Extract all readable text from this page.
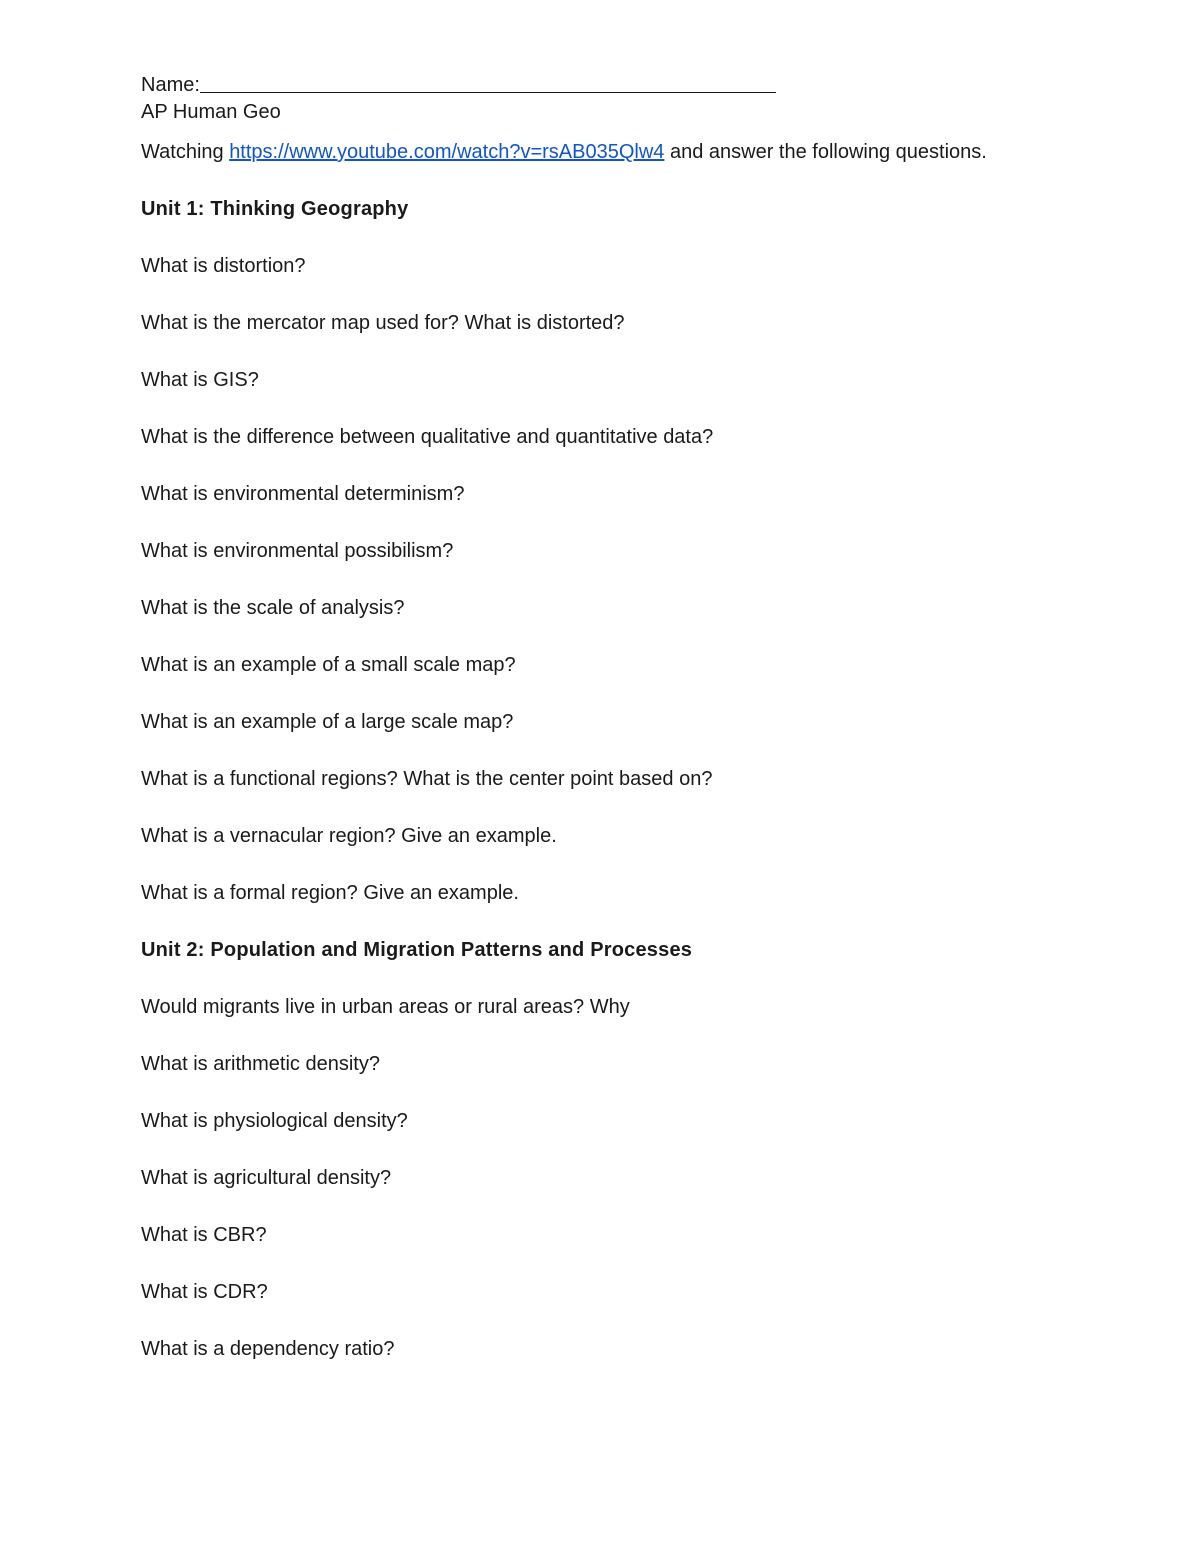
Name:
AP Human Geo
Watching https://www.youtube.com/watch?v=rsAB035Qlw4 and answer the following questions.
Unit 1: Thinking Geography
What is distortion?
What is the mercator map used for? What is distorted?
What is GIS?
What is the difference between qualitative and quantitative data?
What is environmental determinism?
What is environmental possibilism?
What is the scale of analysis?
What is an example of a small scale map?
What is an example of a large scale map?
What is a functional regions? What is the center point based on?
What is a vernacular region? Give an example.
What is a formal region? Give an example.
Unit 2: Population and Migration Patterns and Processes
Would migrants live in urban areas or rural areas? Why
What is arithmetic density?
What is physiological density?
What is agricultural density?
What is CBR?
What is CDR?
What is a dependency ratio?
